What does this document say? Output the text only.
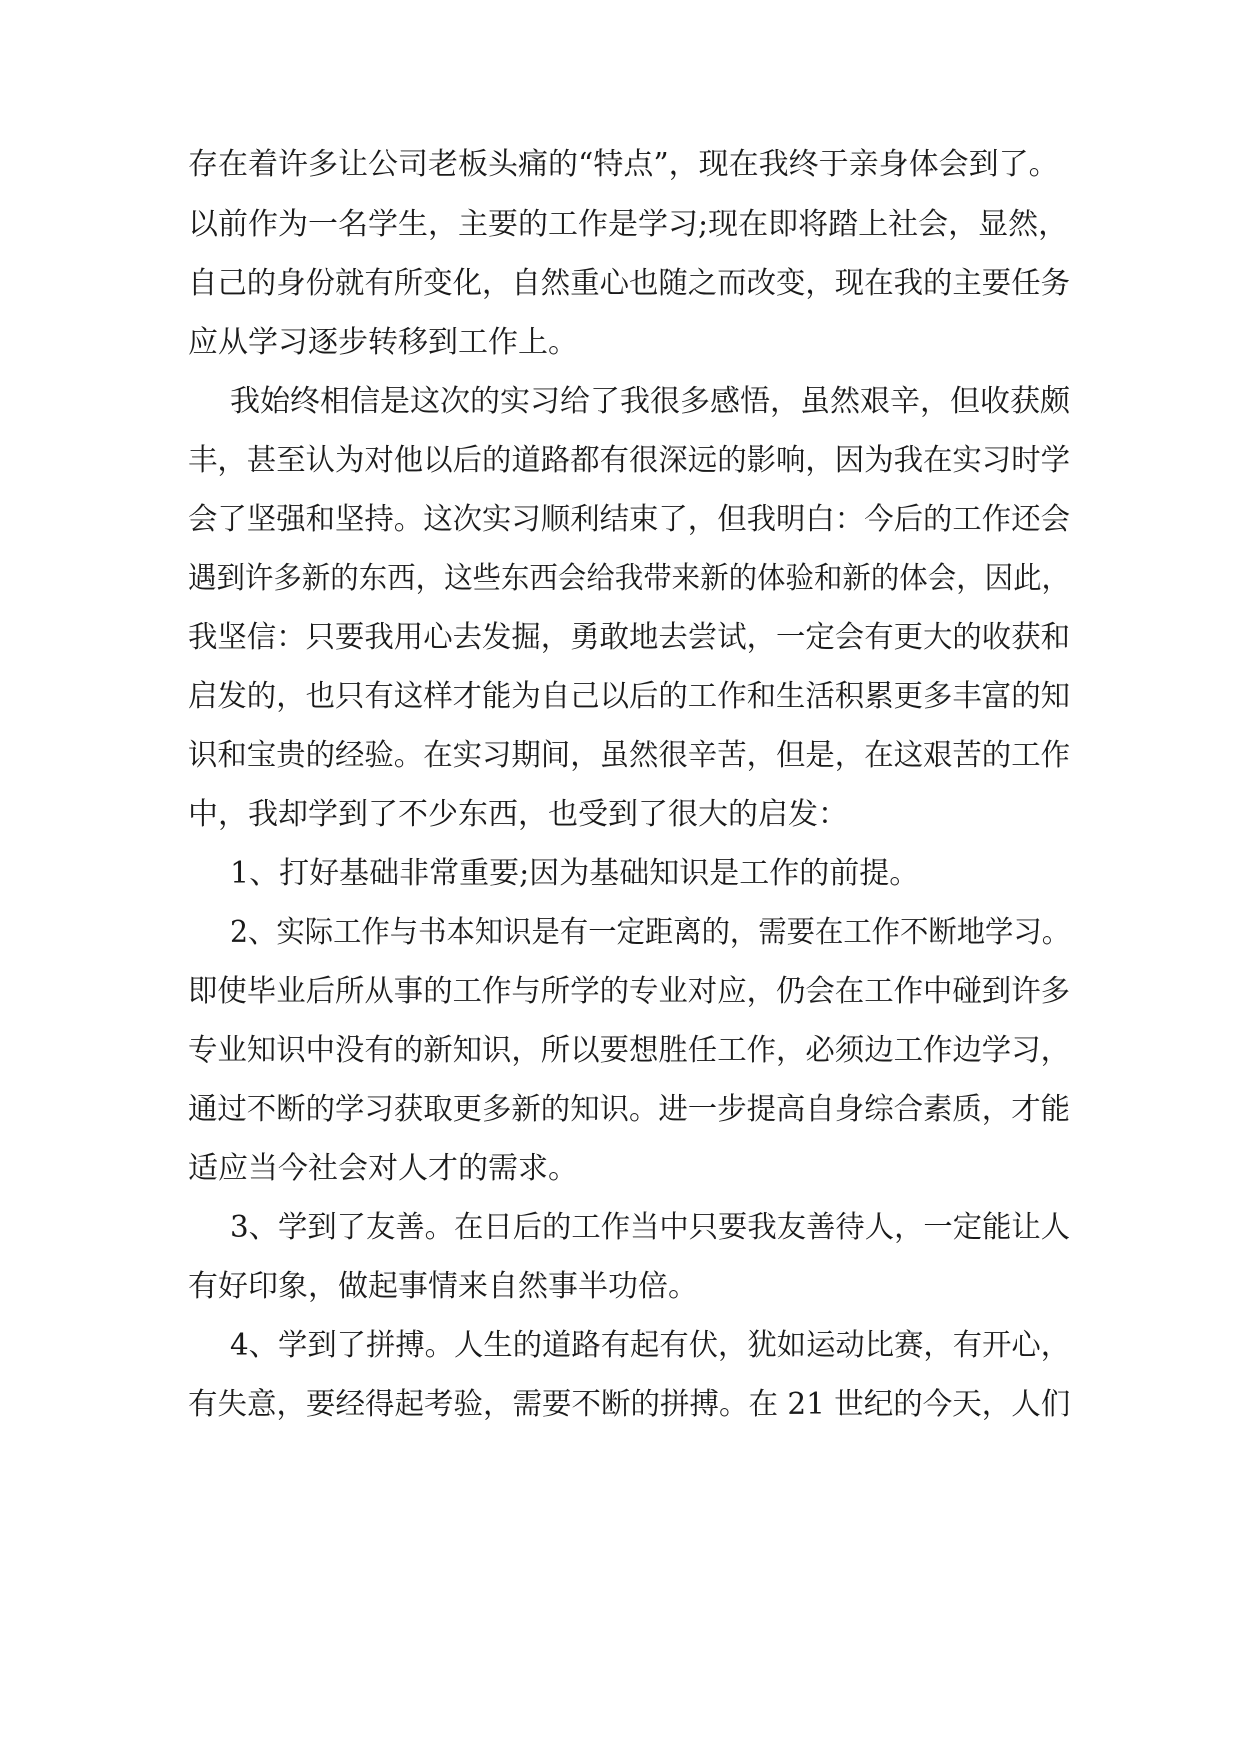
存在着许多让公司老板头痛的“特点”，现在我终于亲身体会到了。

以前作为一名学生，主要的工作是学习;现在即将踏上社会，显然，

自己的身份就有所变化，自然重心也随之而改变，现在我的主要任务

应从学习逐步转移到工作上。

我始终相信是这次的实习给了我很多感悟，虽然艰辛，但收获颇

丰，甚至认为对他以后的道路都有很深远的影响，因为我在实习时学

会了坚强和坚持。这次实习顺利结束了，但我明白：今后的工作还会

遇到许多新的东西，这些东西会给我带来新的体验和新的体会，因此，

我坚信：只要我用心去发掘，勇敢地去尝试，一定会有更大的收获和

启发的，也只有这样才能为自己以后的工作和生活积累更多丰富的知

识和宝贵的经验。在实习期间，虽然很辛苦，但是，在这艰苦的工作

中，我却学到了不少东西，也受到了很大的启发：

1、打好基础非常重要;因为基础知识是工作的前提。

2、实际工作与书本知识是有一定距离的，需要在工作不断地学习。

即使毕业后所从事的工作与所学的专业对应，仍会在工作中碰到许多

专业知识中没有的新知识，所以要想胜任工作，必须边工作边学习，

通过不断的学习获取更多新的知识。进一步提高自身综合素质，才能

适应当今社会对人才的需求。

3、学到了友善。在日后的工作当中只要我友善待人，一定能让人

有好印象，做起事情来自然事半功倍。

4、学到了拼搏。人生的道路有起有伏，犹如运动比赛，有开心，

有失意，要经得起考验，需要不断的拼搏。在 21 世纪的今天，人们
